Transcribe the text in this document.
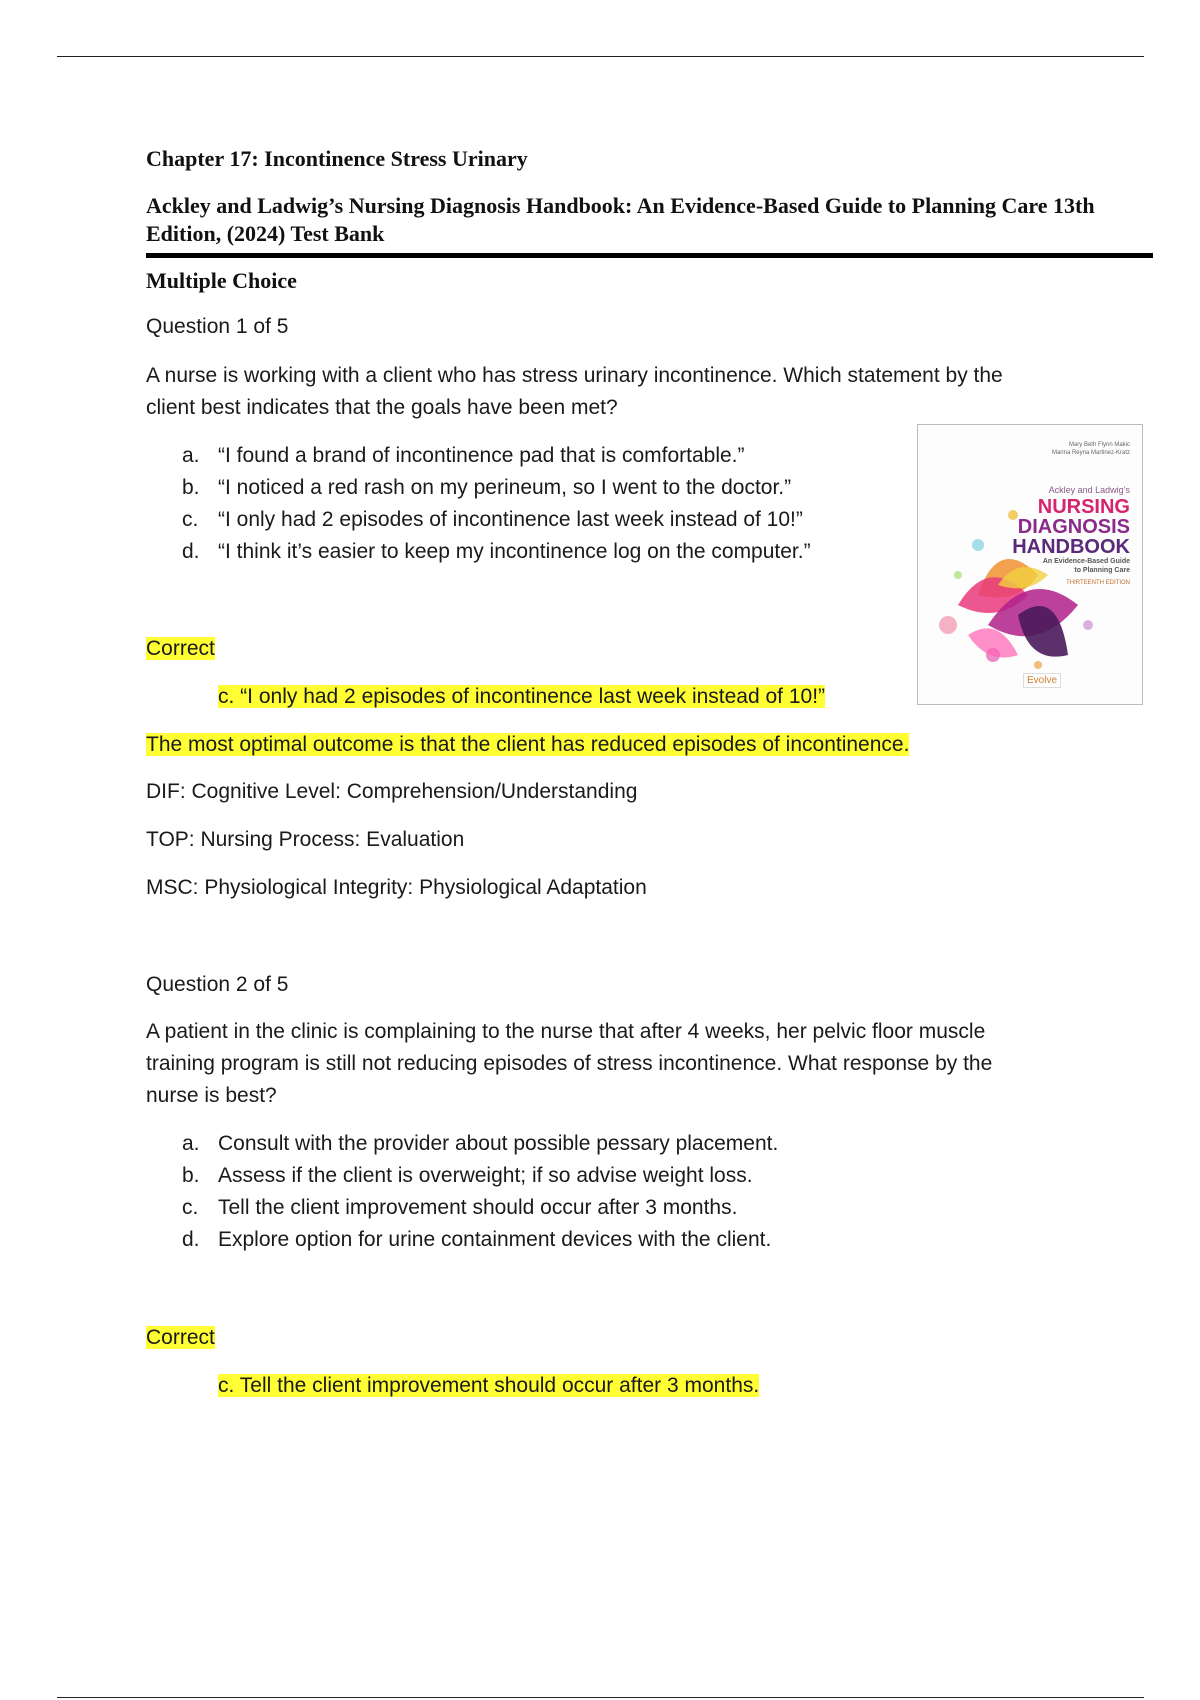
Chapter 17: Incontinence Stress Urinary
Ackley and Ladwig’s Nursing Diagnosis Handbook: An Evidence-Based Guide to Planning Care 13th Edition, (2024) Test Bank
Multiple Choice

Question 1 of 5

A nurse is working with a client who has stress urinary incontinence. Which statement by the
client best indicates that the goals have been met?
a. “I found a brand of incontinence pad that is comfortable.”
b. “I noticed a red rash on my perineum, so I went to the doctor.”
c. “I only had 2 episodes of incontinence last week instead of 10!”
d. “I think it’s easier to keep my incontinence log on the computer.”
Correct
c. “I only had 2 episodes of incontinence last week instead of 10!”
The most optimal outcome is that the client has reduced episodes of incontinence.

DIF: Cognitive Level: Comprehension/Understanding

TOP: Nursing Process: Evaluation

MSC: Physiological Integrity: Physiological Adaptation

Mary Beth Flynn Makic
Marina Reyna Martinez-Kratz
Ackley and Ladwig’s
NURSING
DIAGNOSIS
HANDBOOK
An Evidence-Based Guide
to Planning Care
THIRTEENTH EDITION
Evolve

Question 2 of 5

A patient in the clinic is complaining to the nurse that after 4 weeks, her pelvic floor muscle
training program is still not reducing episodes of stress incontinence. What response by the
nurse is best?
a. Consult with the provider about possible pessary placement.
b. Assess if the client is overweight; if so advise weight loss.
c. Tell the client improvement should occur after 3 months.
d. Explore option for urine containment devices with the client.
Correct
c. Tell the client improvement should occur after 3 months.
